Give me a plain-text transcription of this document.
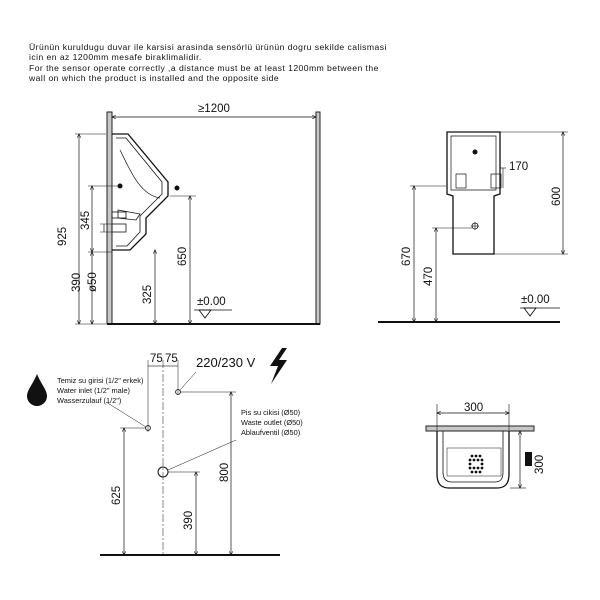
Ürünün kuruldugu duvar ile karsisi arasinda sensörlü ürünün dogru sekilde calismasi
icin en az 1200mm mesafe biraklimalidir.
For the sensor operate correctly ,a distance must be at least 1200mm between the
wall on which the product is installed and the opposite side
≥1200
925
345
390 ø50
325
650
±0.00
170
600
670
470
±0.00
75 75 220/230 V
Temiz su girisi (1/2" erkek)
Water inlet (1/2" male)
Wasserzulauf (1/2")
Pis su cikisi (Ø50)
Waste outlet (Ø50)
Ablaufventil (Ø50)
625
800
390
300
300
